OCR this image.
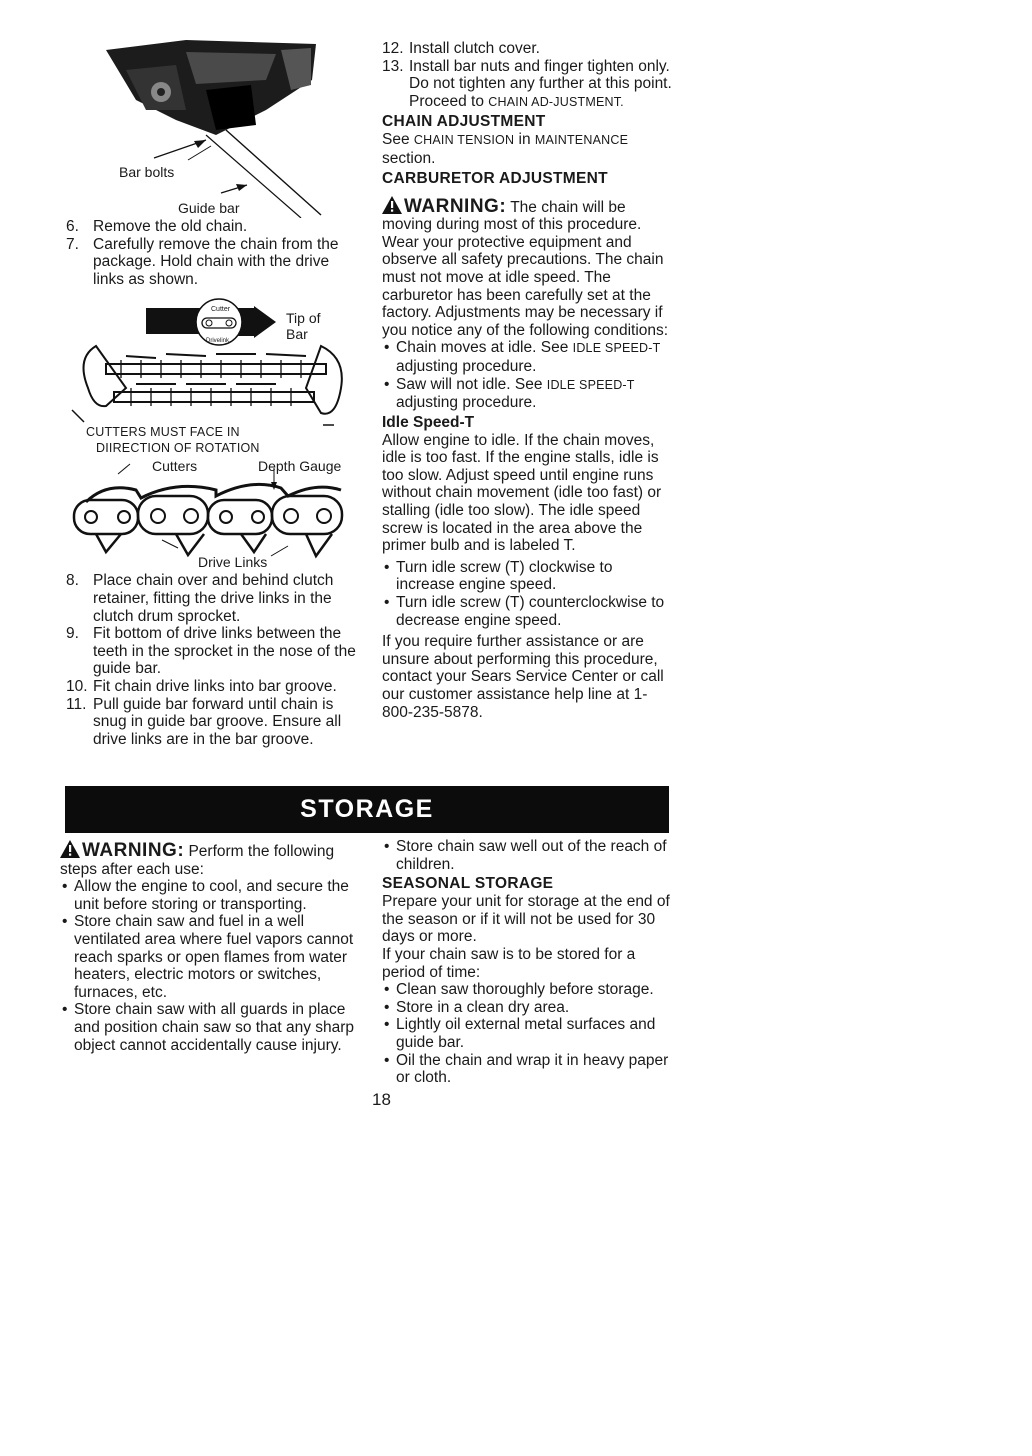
Bar bolts
Guide bar
6. Remove the old chain.
7. Carefully remove the chain from the package. Hold chain with the drive links as shown.
Cutter
Drivelink
Tip of
Bar
CUTTERS MUST FACE IN
DIIRECTION OF ROTATION
Cutters	Depth Gauge
Drive Links
8. Place chain over and behind clutch retainer, fitting the drive links in the clutch drum sprocket.
9. Fit bottom of drive links between the teeth in the sprocket in the nose of the guide bar.
10. Fit chain drive links into bar groove.
11. Pull guide bar forward until chain is snug in guide bar groove. Ensure all drive links are in the bar groove.
12. Install clutch cover.
13. Install bar nuts and finger tighten only. Do not tighten any further at this point. Proceed to CHAIN AD-JUSTMENT.
CHAIN ADJUSTMENT

See CHAIN TENSION in MAINTENANCE section.

CARBURETOR ADJUSTMENT

WARNING: The chain will be moving during most of this procedure. Wear your protective equipment and observe all safety precautions. The chain must not move at idle speed. The carburetor has been carefully set at the factory. Adjustments may be necessary if you notice any of the following conditions:

• Chain moves at idle. See IDLE SPEED-T adjusting procedure.
• Saw will not idle. See IDLE SPEED-T adjusting procedure.
Idle Speed-T

Allow engine to idle. If the chain moves, idle is too fast. If the engine stalls, idle is too slow. Adjust speed until engine runs without chain movement (idle too fast) or stalling (idle too slow). The idle speed screw is located in the area above the primer bulb and is labeled T.

• Turn idle screw (T) clockwise to increase engine speed.
• Turn idle screw (T) counterclockwise to decrease engine speed.

If you require further assistance or are unsure about performing this procedure, contact your Sears Service Center or call our customer assistance help line at 1-800-235-5878.

STORAGE

WARNING: Perform the following steps after each use:

• Allow the engine to cool, and secure the unit before storing or transporting.
• Store chain saw and fuel in a well ventilated area where fuel vapors cannot reach sparks or open flames from water heaters, electric motors or switches, furnaces, etc.
• Store chain saw with all guards in place and position chain saw so that any sharp object cannot accidentally cause injury.
• Store chain saw well out of the reach of children.
SEASONAL STORAGE

Prepare your unit for storage at the end of the season or if it will not be used for 30 days or more.

If your chain saw is to be stored for a period of time:

• Clean saw thoroughly before storage.
• Store in a clean dry area.
• Lightly oil external metal surfaces and guide bar.
• Oil the chain and wrap it in heavy paper or cloth.
18
